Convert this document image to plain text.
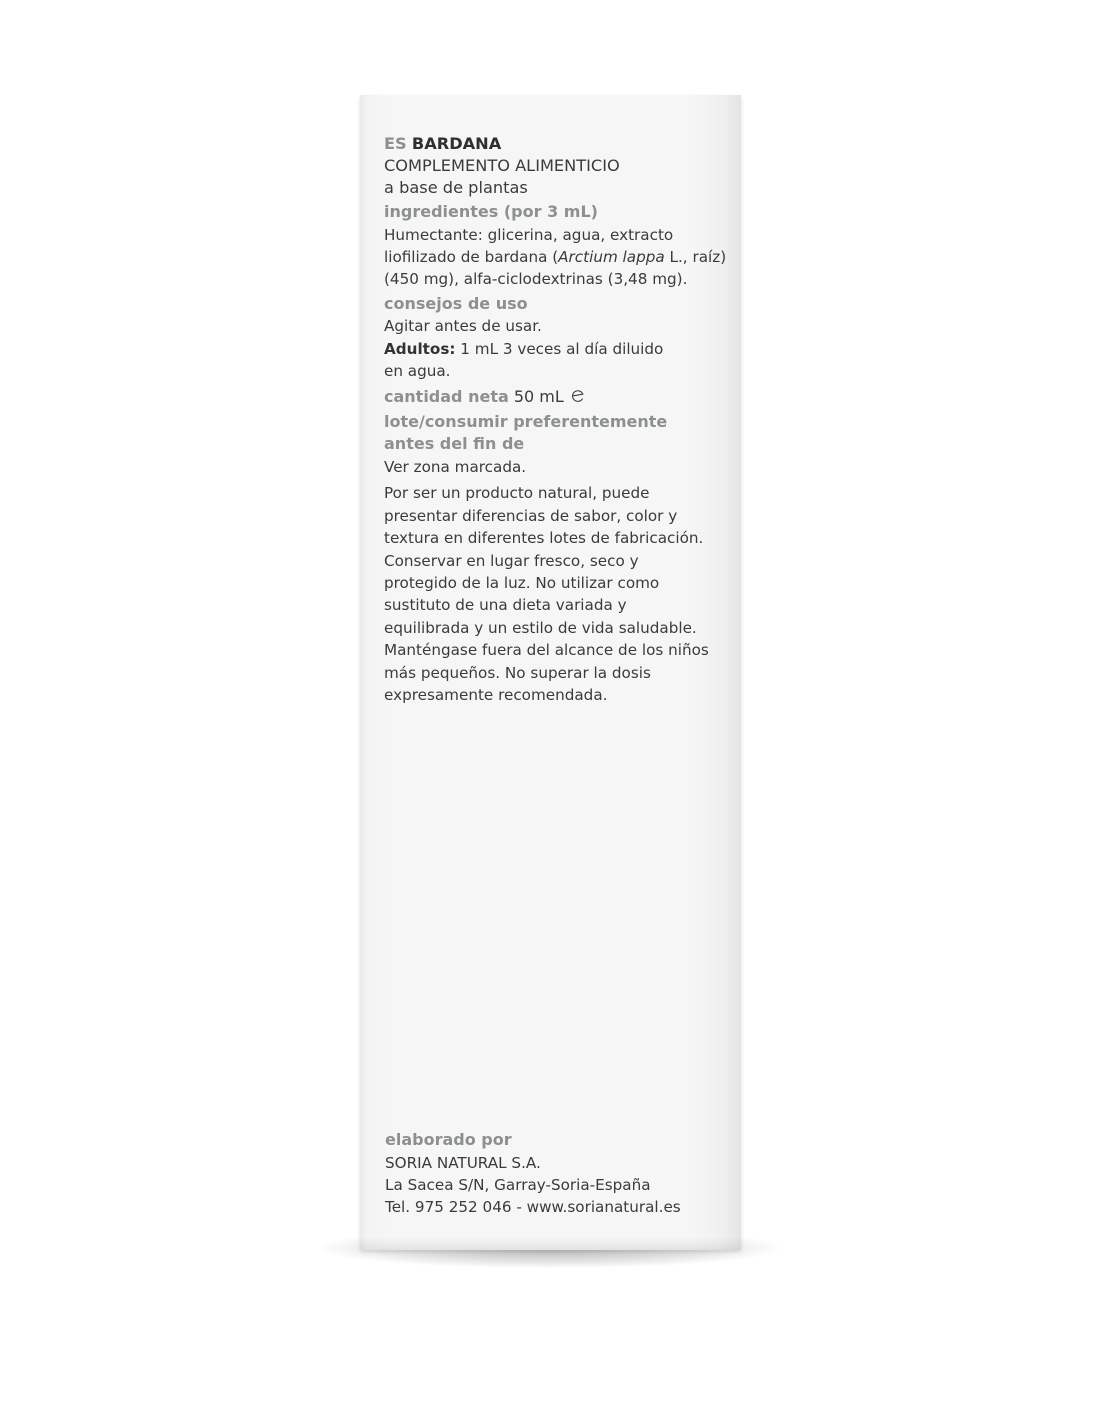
ES BARDANA

COMPLEMENTO ALIMENTICIO

a base de plantas

ingredientes (por 3 mL)

Humectante: glicerina, agua, extracto

liofilizado de bardana (Arctium lappa L., raíz)

(450 mg), alfa-ciclodextrinas (3,48 mg).

consejos de uso

Agitar antes de usar.

Adultos: 1 mL 3 veces al día diluido

en agua.

cantidad neta 50 mL

lote/consumir preferentemente

antes del fin de

Ver zona marcada.

Por ser un producto natural, puede

presentar diferencias de sabor, color y

textura en diferentes lotes de fabricación.

Conservar en lugar fresco, seco y

protegido de la luz. No utilizar como

sustituto de una dieta variada y

equilibrada y un estilo de vida saludable.

Manténgase fuera del alcance de los niños

más pequeños. No superar la dosis

expresamente recomendada.

elaborado por

SORIA NATURAL S.A.

La Sacea S/N, Garray-Soria-España

Tel. 975 252 046 - www.sorianatural.es
